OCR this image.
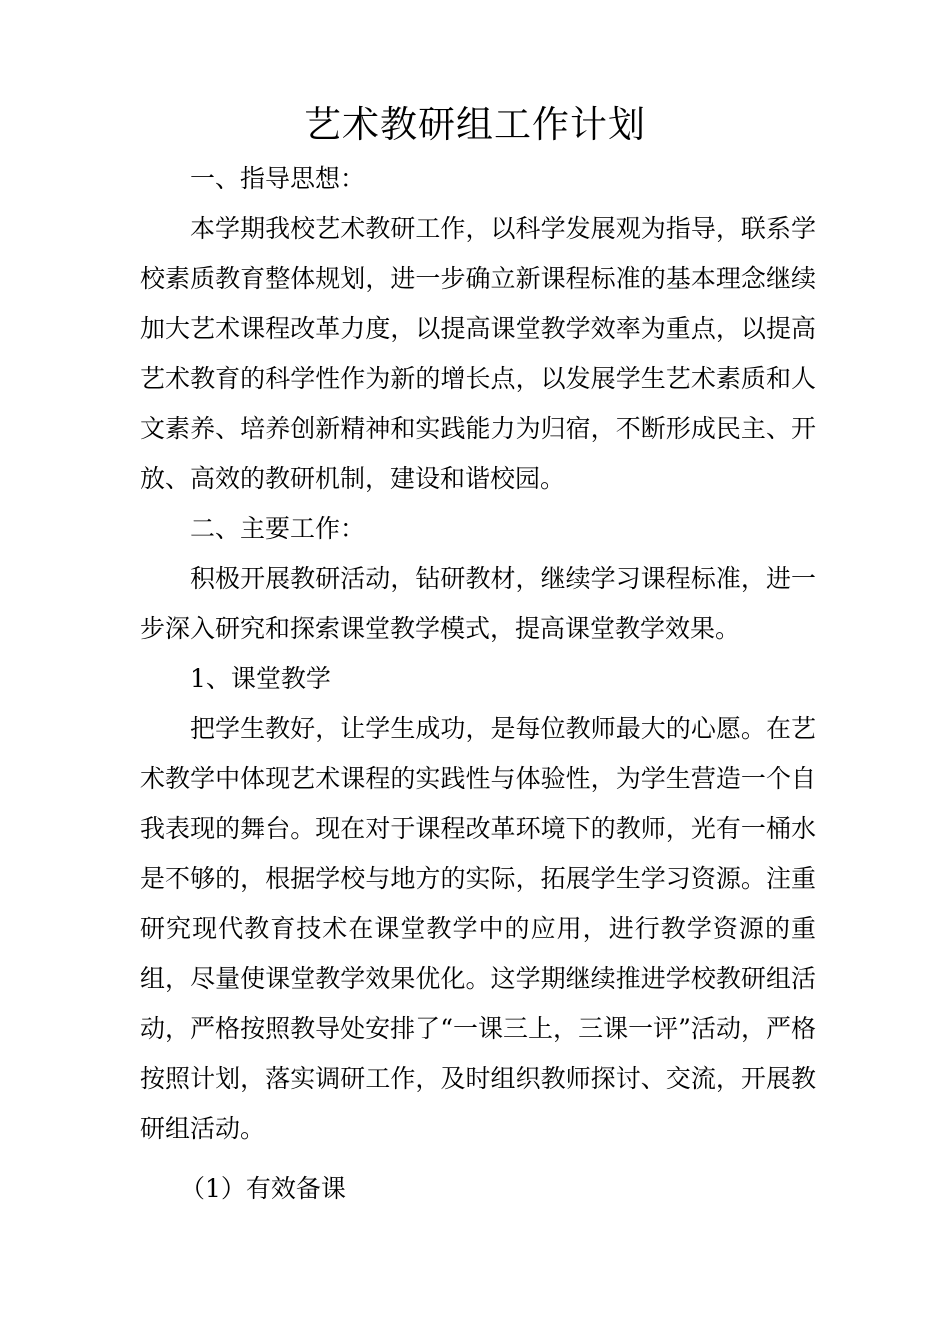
艺术教研组工作计划

一、指导思想：

本学期我校艺术教研工作，以科学发展观为指导，联系学校素质教育整体规划，进一步确立新课程标准的基本理念继续加大艺术课程改革力度，以提高课堂教学效率为重点，以提高艺术教育的科学性作为新的增长点，以发展学生艺术素质和人文素养、培养创新精神和实践能力为归宿，不断形成民主、开放、高效的教研机制，建设和谐校园。

二、主要工作：

积极开展教研活动，钻研教材，继续学习课程标准，进一步深入研究和探索课堂教学模式，提高课堂教学效果。

1、课堂教学

把学生教好，让学生成功，是每位教师最大的心愿。在艺术教学中体现艺术课程的实践性与体验性，为学生营造一个自我表现的舞台。现在对于课程改革环境下的教师，光有一桶水是不够的，根据学校与地方的实际，拓展学生学习资源。注重研究现代教育技术在课堂教学中的应用，进行教学资源的重组，尽量使课堂教学效果优化。这学期继续推进学校教研组活动，严格按照教导处安排了“一课三上，三课一评”活动，严格按照计划，落实调研工作，及时组织教师探讨、交流，开展教研组活动。

（1）有效备课
